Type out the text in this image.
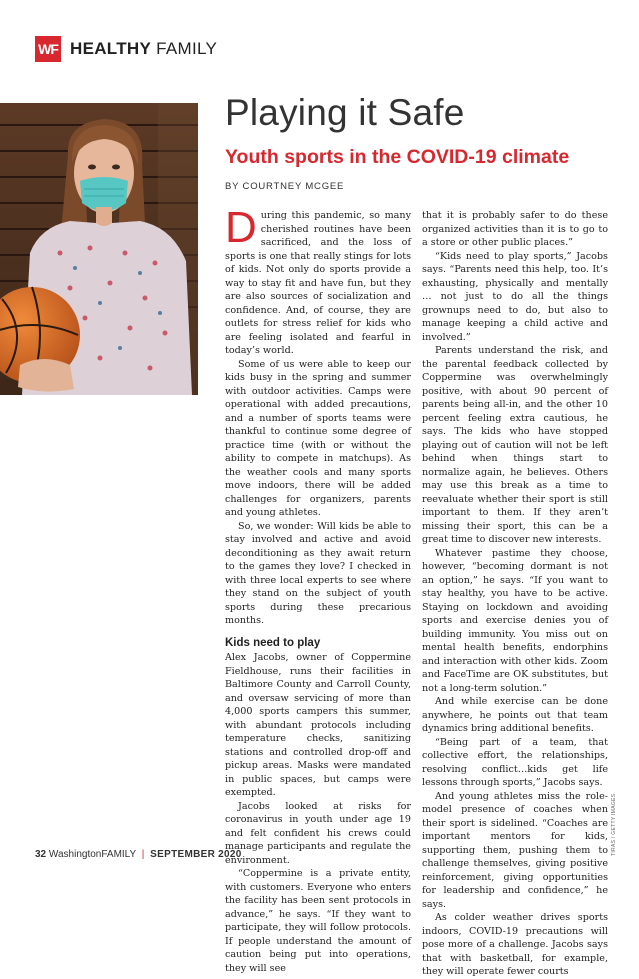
WF HEALTHY FAMILY
Playing it Safe
Youth sports in the COVID-19 climate
BY COURTNEY MCGEE

During this pandemic, so many cherished routines have been sacrificed, and the loss of sports is one that really stings for lots of kids. Not only do sports provide a way to stay fit and have fun, but they are also sources of socialization and confidence. And, of course, they are outlets for stress relief for kids who are feeling isolated and fearful in today’s world.

Some of us were able to keep our kids busy in the spring and summer with outdoor activities. Camps were operational with added precautions, and a number of sports teams were thankful to continue some degree of practice time (with or without the ability to compete in matchups). As the weather cools and many sports move indoors, there will be added challenges for organizers, parents and young athletes.

So, we wonder: Will kids be able to stay involved and active and avoid deconditioning as they await return to the games they love? I checked in with three local experts to see where they stand on the subject of youth sports during these precarious months.

Kids need to play

Alex Jacobs, owner of Coppermine Fieldhouse, runs their facilities in Baltimore County and Carroll County, and oversaw servicing of more than 4,000 sports campers this summer, with abundant protocols including temperature checks, sanitizing stations and controlled drop-off and pickup areas. Masks were mandated in public spaces, but camps were exempted.

Jacobs looked at risks for coronavirus in youth under age 19 and felt confident his crews could manage participants and regulate the environment.

“Coppermine is a private entity, with customers. Everyone who enters the facility has been sent protocols in advance,” he says. “If they want to participate, they will follow protocols. If people understand the amount of caution being put into operations, they will see

that it is probably safer to do these organized activities than it is to go to a store or other public places.”

“Kids need to play sports,” Jacobs says. “Parents need this help, too. It’s exhausting, physically and mentally … not just to do all the things grownups need to do, but also to manage keeping a child active and involved.”

Parents understand the risk, and the parental feedback collected by Coppermine was overwhelmingly positive, with about 90 percent of parents being all-in, and the other 10 percent feeling extra cautious, he says. The kids who have stopped playing out of caution will not be left behind when things start to normalize again, he believes. Others may use this break as a time to reevaluate whether their sport is still important to them. If they aren’t missing their sport, this can be a great time to discover new interests.

Whatever pastime they choose, however, “becoming dormant is not an option,” he says. “If you want to stay healthy, you have to be active. Staying on lockdown and avoiding sports and exercise denies you of building immunity. You miss out on mental health benefits, endorphins and interaction with other kids. Zoom and FaceTime are OK substitutes, but not a long-term solution.”

And while exercise can be done anywhere, he points out that team dynamics bring additional benefits.

“Being part of a team, that collective effort, the relationships, resolving conflict…kids get life lessons through sports,” Jacobs says.

And young athletes miss the role-model presence of coaches when their sport is sidelined. “Coaches are important mentors for kids, supporting them, pushing them to challenge themselves, giving positive reinforcement, giving opportunities for leadership and confidence,” he says.

As colder weather drives sports indoors, COVID-19 precautions will pose more of a challenge. Jacobs says that with basketball, for example, they will operate fewer courts

32 WashingtonFAMILY | SEPTEMBER 2020	TIRAS / GETTY IMAGES
